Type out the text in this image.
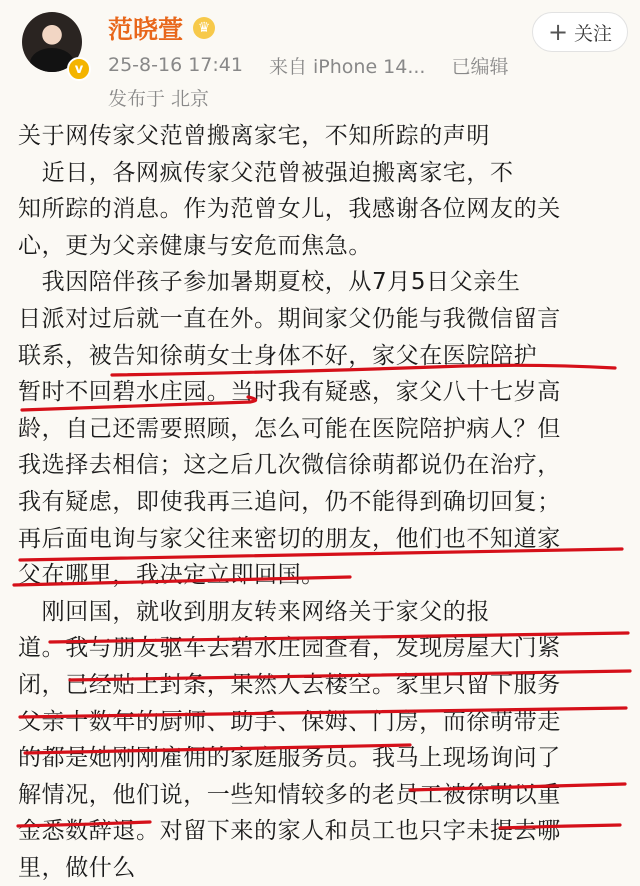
v
范晓萱	♛
25-8-16 17:41 来自 iPhone 14... 已编辑
发布于 北京
+ 关注
关于网传家父范曾搬离家宅，不知所踪的声明
　近日，各网疯传家父范曾被强迫搬离家宅，不
知所踪的消息。作为范曾女儿，我感谢各位网友的关
心，更为父亲健康与安危而焦急。
　我因陪伴孩子参加暑期夏校，从7月5日父亲生
日派对过后就一直在外。期间家父仍能与我微信留言
联系，被告知徐萌女士身体不好，家父在医院陪护
暂时不回碧水庄园。当时我有疑惑，家父八十七岁高
龄，自己还需要照顾，怎么可能在医院陪护病人？但
我选择去相信；这之后几次微信徐萌都说仍在治疗，
我有疑虑，即使我再三追问，仍不能得到确切回复；
再后面电询与家父往来密切的朋友，他们也不知道家
父在哪里，我决定立即回国。
　刚回国，就收到朋友转来网络关于家父的报
道。我与朋友驱车去碧水庄园查看，发现房屋大门紧
闭，已经贴上封条，果然人去楼空。家里只留下服务
父亲十数年的厨师、助手、保姆、门房，而徐萌带走
的都是她刚刚雇佣的家庭服务员。我马上现场询问了
解情况，他们说，一些知情较多的老员工被徐萌以重
金悉数辞退。对留下来的家人和员工也只字未提去哪
里，做什么
